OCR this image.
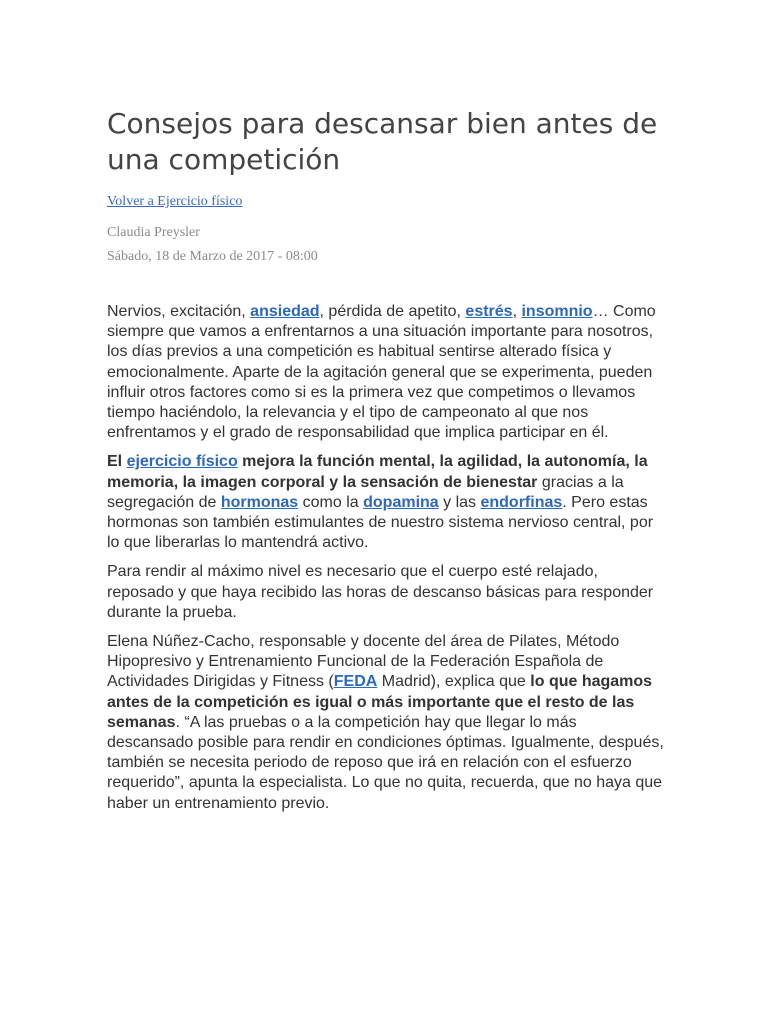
Consejos para descansar bien antes de una competición
Volver a Ejercicio físico
Claudia Preysler
Sábado, 18 de Marzo de 2017 - 08:00

Nervios, excitación, ansiedad, pérdida de apetito, estrés, insomnio… Como siempre que vamos a enfrentarnos a una situación importante para nosotros, los días previos a una competición es habitual sentirse alterado física y emocionalmente. Aparte de la agitación general que se experimenta, pueden influir otros factores como si es la primera vez que competimos o llevamos tiempo haciéndolo, la relevancia y el tipo de campeonato al que nos enfrentamos y el grado de responsabilidad que implica participar en él.

El ejercicio físico mejora la función mental, la agilidad, la autonomía, la memoria, la imagen corporal y la sensación de bienestar gracias a la segregación de hormonas como la dopamina y las endorfinas. Pero estas hormonas son también estimulantes de nuestro sistema nervioso central, por lo que liberarlas lo mantendrá activo.

Para rendir al máximo nivel es necesario que el cuerpo esté relajado, reposado y que haya recibido las horas de descanso básicas para responder durante la prueba.

Elena Núñez-Cacho, responsable y docente del área de Pilates, Método Hipopresivo y Entrenamiento Funcional de la Federación Española de Actividades Dirigidas y Fitness (FEDA Madrid), explica que lo que hagamos antes de la competición es igual o más importante que el resto de las semanas. “A las pruebas o a la competición hay que llegar lo más descansado posible para rendir en condiciones óptimas. Igualmente, después, también se necesita periodo de reposo que irá en relación con el esfuerzo requerido”, apunta la especialista. Lo que no quita, recuerda, que no haya que haber un entrenamiento previo.
